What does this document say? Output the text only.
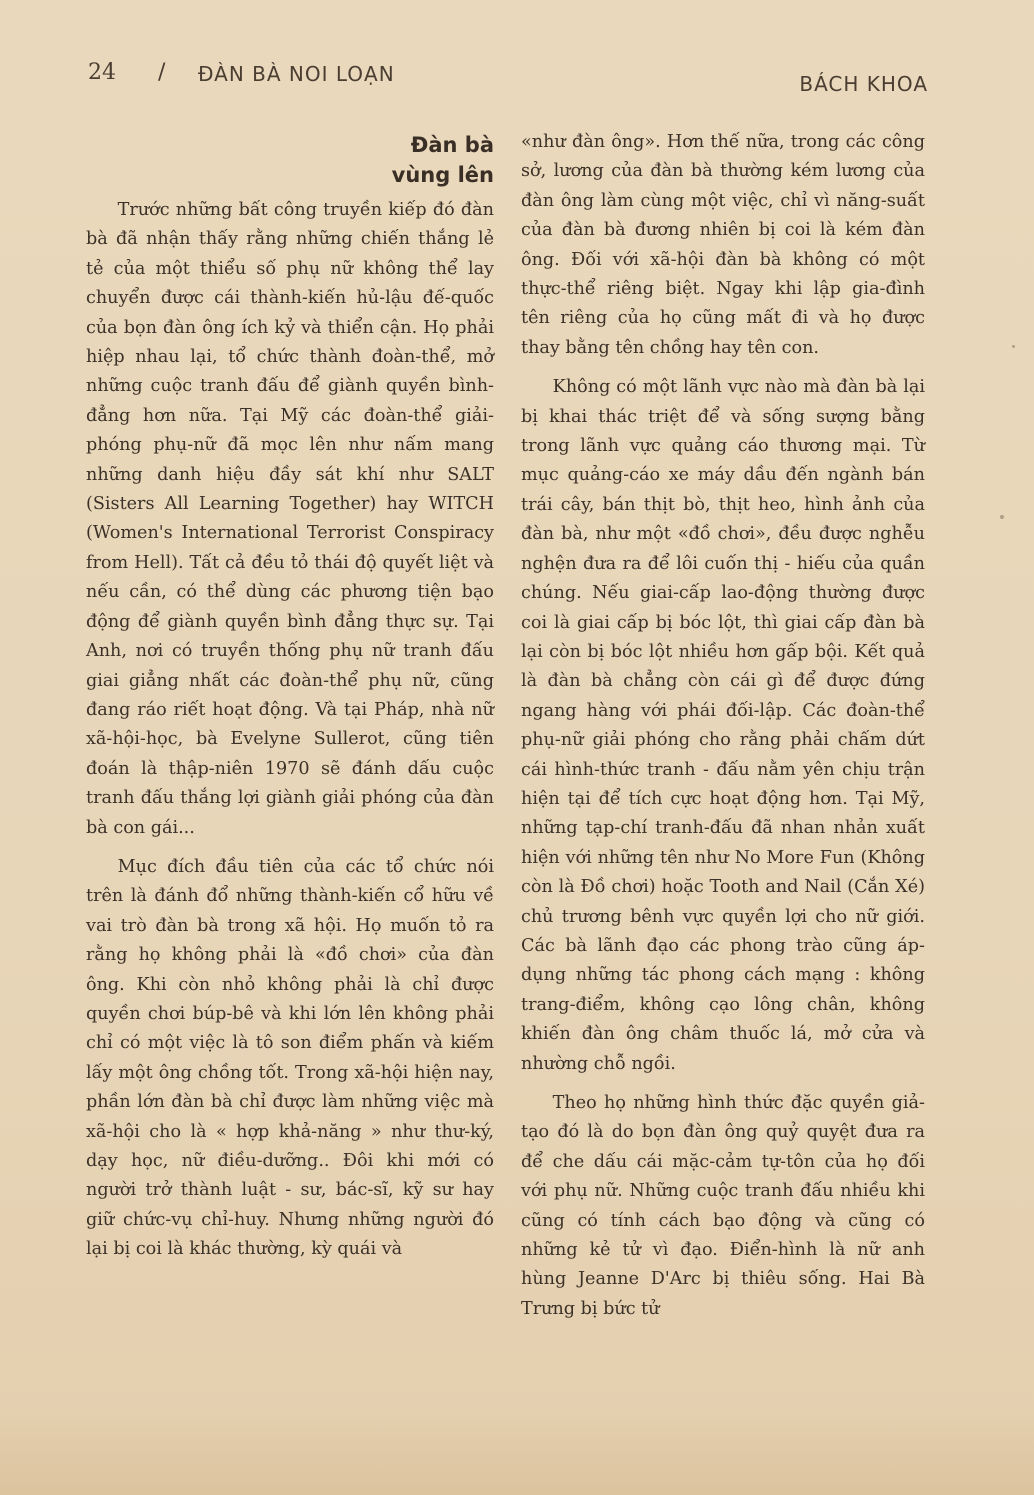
24 / ĐÀN BÀ NOI LOẠN	BÁCH KHOA
Đàn bà
vùng lên

Trước những bất công truyền kiếp đó đàn bà đã nhận thấy rằng những chiến thắng lẻ tẻ của một thiểu số phụ nữ không thể lay chuyển được cái thành-kiến hủ-lậu đế-quốc của bọn đàn ông ích kỷ và thiển cận. Họ phải hiệp nhau lại, tổ chức thành đoàn-thể, mở những cuộc tranh đấu để giành quyền bình-đẳng hơn nữa. Tại Mỹ các đoàn-thể giải-phóng phụ-nữ đã mọc lên như nấm mang những danh hiệu đầy sát khí như SALT (Sisters All Learning Together) hay WITCH (Women's International Terrorist Conspiracy from Hell). Tất cả đều tỏ thái độ quyết liệt và nếu cần, có thể dùng các phương tiện bạo động để giành quyền bình đẳng thực sự. Tại Anh, nơi có truyền thống phụ nữ tranh đấu giai giẳng nhất các đoàn-thể phụ nữ, cũng đang ráo riết hoạt động. Và tại Pháp, nhà nữ xã-hội-học, bà Evelyne Sullerot, cũng tiên đoán là thập-niên 1970 sẽ đánh dấu cuộc tranh đấu thắng lợi giành giải phóng của đàn bà con gái...

Mục đích đầu tiên của các tổ chức nói trên là đánh đổ những thành-kiến cổ hữu về vai trò đàn bà trong xã hội. Họ muốn tỏ ra rằng họ không phải là «đồ chơi» của đàn ông. Khi còn nhỏ không phải là chỉ được quyền chơi búp-bê và khi lớn lên không phải chỉ có một việc là tô son điểm phấn và kiếm lấy một ông chồng tốt. Trong xã-hội hiện nay, phần lớn đàn bà chỉ được làm những việc mà xã-hội cho là « hợp khả-năng » như thư-ký, dạy học, nữ điều-dưỡng.. Đôi khi mới có người trở thành luật - sư, bác-sĩ, kỹ sư hay giữ chức-vụ chỉ-huy. Nhưng những người đó lại bị coi là khác thường, kỳ quái và

«như đàn ông». Hơn thế nữa, trong các công sở, lương của đàn bà thường kém lương của đàn ông làm cùng một việc, chỉ vì năng-suất của đàn bà đương nhiên bị coi là kém đàn ông. Đối với xã-hội đàn bà không có một thực-thể riêng biệt. Ngay khi lập gia-đình tên riêng của họ cũng mất đi và họ được thay bằng tên chồng hay tên con.

Không có một lãnh vực nào mà đàn bà lại bị khai thác triệt để và sống sượng bằng trong lãnh vực quảng cáo thương mại. Từ mục quảng-cáo xe máy dầu đến ngành bán trái cây, bán thịt bò, thịt heo, hình ảnh của đàn bà, như một «đồ chơi», đều được nghễu nghện đưa ra để lôi cuốn thị - hiếu của quần chúng. Nếu giai-cấp lao-động thường được coi là giai cấp bị bóc lột, thì giai cấp đàn bà lại còn bị bóc lột nhiều hơn gấp bội. Kết quả là đàn bà chẳng còn cái gì để được đứng ngang hàng với phái đối-lập. Các đoàn-thể phụ-nữ giải phóng cho rằng phải chấm dứt cái hình-thức tranh - đấu nằm yên chịu trận hiện tại để tích cực hoạt động hơn. Tại Mỹ, những tạp-chí tranh-đấu đã nhan nhản xuất hiện với những tên như No More Fun (Không còn là Đồ chơi) hoặc Tooth and Nail (Cắn Xé) chủ trương bênh vực quyền lợi cho nữ giới. Các bà lãnh đạo các phong trào cũng áp-dụng những tác phong cách mạng : không trang-điểm, không cạo lông chân, không khiến đàn ông châm thuốc lá, mở cửa và nhường chỗ ngồi.

Theo họ những hình thức đặc quyền giả-tạo đó là do bọn đàn ông quỷ quyệt đưa ra để che dấu cái mặc-cảm tự-tôn của họ đối với phụ nữ. Những cuộc tranh đấu nhiều khi cũng có tính cách bạo động và cũng có những kẻ tử vì đạo. Điển-hình là nữ anh hùng Jeanne D'Arc bị thiêu sống. Hai Bà Trưng bị bức tử
